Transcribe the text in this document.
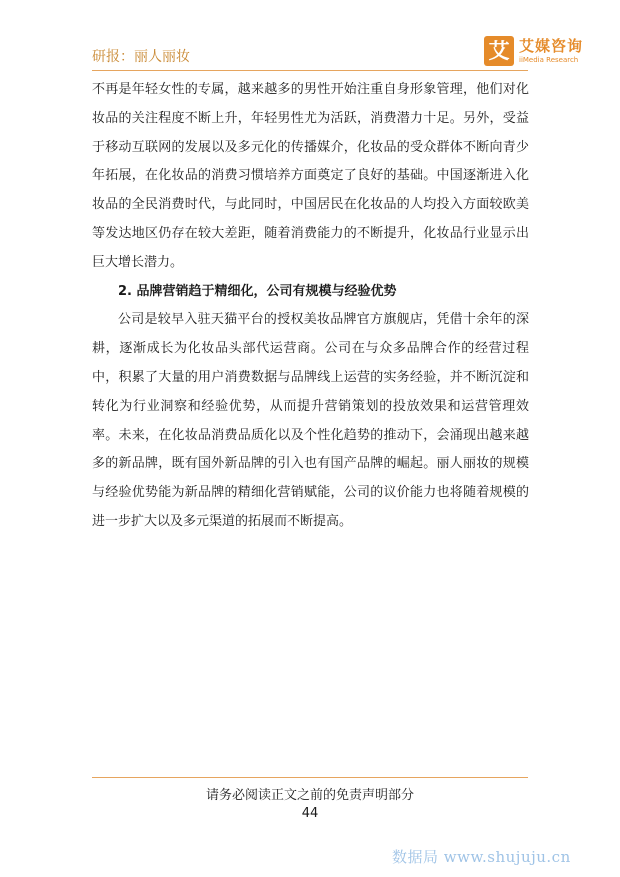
研报：丽人丽妆	艾 艾媒咨询
iiMedia Research

不再是年轻女性的专属，越来越多的男性开始注重自身形象管理，他们对化妆品的关注程度不断上升，年轻男性尤为活跃，消费潜力十足。另外，受益于移动互联网的发展以及多元化的传播媒介，化妆品的受众群体不断向青少年拓展，在化妆品的消费习惯培养方面奠定了良好的基础。中国逐渐进入化妆品的全民消费时代，与此同时，中国居民在化妆品的人均投入方面较欧美等发达地区仍存在较大差距，随着消费能力的不断提升，化妆品行业显示出巨大增长潜力。

2. 品牌营销趋于精细化，公司有规模与经验优势

公司是较早入驻天猫平台的授权美妆品牌官方旗舰店，凭借十余年的深耕，逐渐成长为化妆品头部代运营商。公司在与众多品牌合作的经营过程中，积累了大量的用户消费数据与品牌线上运营的实务经验，并不断沉淀和转化为行业洞察和经验优势，从而提升营销策划的投放效果和运营管理效率。未来，在化妆品消费品质化以及个性化趋势的推动下，会涌现出越来越多的新品牌，既有国外新品牌的引入也有国产品牌的崛起。丽人丽妆的规模与经验优势能为新品牌的精细化营销赋能，公司的议价能力也将随着规模的进一步扩大以及多元渠道的拓展而不断提高。

请务必阅读正文之前的免责声明部分
44
数据局 www.shujuju.cn
